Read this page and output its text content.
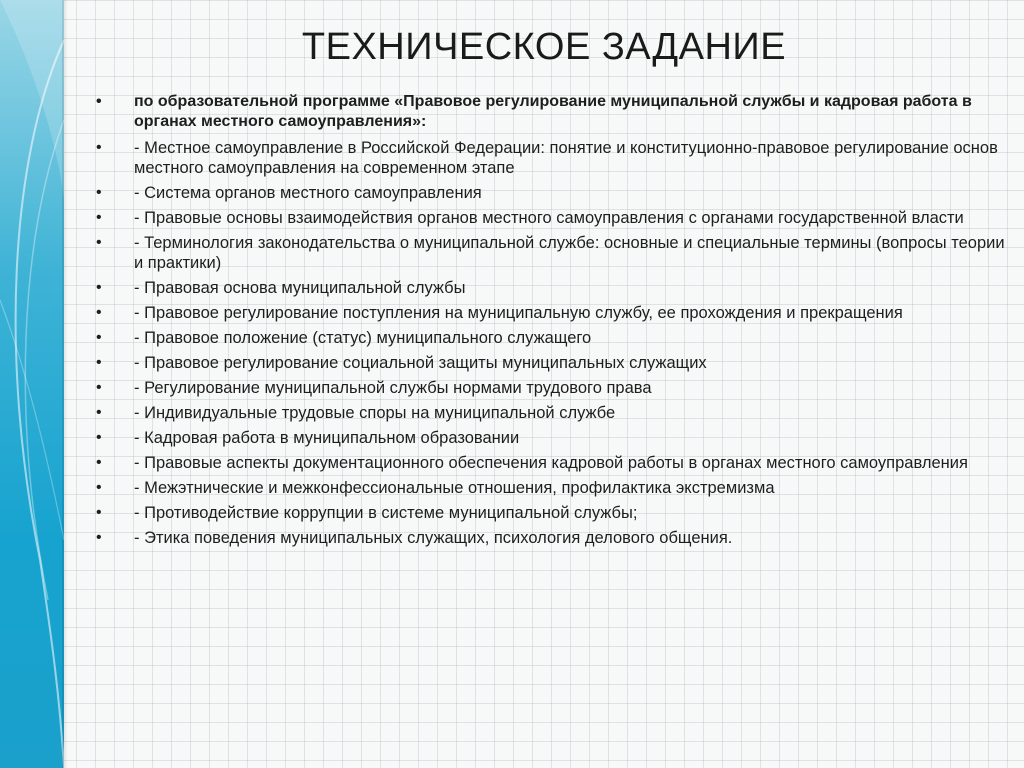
ТЕХНИЧЕСКОЕ ЗАДАНИЕ
• по образовательной программе «Правовое регулирование муниципальной службы и кадровая работа в органах местного самоуправления»:
• - Местное самоуправление в Российской Федерации: понятие и конституционно-правовое регулирование основ местного самоуправления на современном этапе
• - Система органов местного самоуправления
• - Правовые основы взаимодействия органов местного самоуправления с органами государственной власти
• - Терминология законодательства о муниципальной службе: основные и специальные термины (вопросы теории и практики)
• - Правовая основа муниципальной службы
• - Правовое регулирование поступления на муниципальную службу, ее прохождения и прекращения
• - Правовое положение (статус) муниципального служащего
• - Правовое регулирование социальной защиты муниципальных служащих
• - Регулирование муниципальной службы нормами трудового права
• - Индивидуальные трудовые споры на муниципальной службе
• - Кадровая работа в муниципальном образовании
• - Правовые аспекты документационного обеспечения кадровой работы в органах местного самоуправления
• - Межэтнические и межконфессиональные отношения, профилактика экстремизма
• - Противодействие коррупции в системе муниципальной службы;
• - Этика поведения муниципальных служащих, психология делового общения.
